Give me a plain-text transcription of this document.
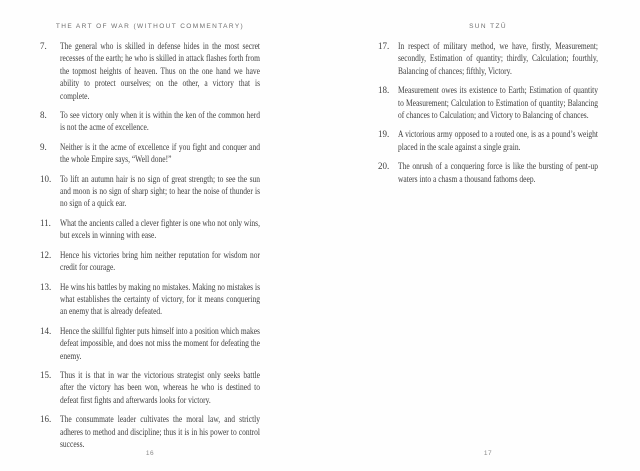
THE ART OF WAR (WITHOUT COMMENTARY)
7. The general who is skilled in defense hides in the most secret recesses of the earth; he who is skilled in attack flashes forth from the topmost heights of heaven. Thus on the one hand we have ability to protect ourselves; on the other, a victory that is complete.
8. To see victory only when it is within the ken of the common herd is not the acme of excellence.
9. Neither is it the acme of excellence if you fight and conquer and the whole Empire says, “Well done!”
10. To lift an autumn hair is no sign of great strength; to see the sun and moon is no sign of sharp sight; to hear the noise of thunder is no sign of a quick ear.
11. What the ancients called a clever fighter is one who not only wins, but excels in winning with ease.
12. Hence his victories bring him neither reputation for wisdom nor credit for courage.
13. He wins his battles by making no mistakes. Making no mistakes is what establishes the certainty of victory, for it means conquering an enemy that is already defeated.
14. Hence the skillful fighter puts himself into a position which makes defeat impossible, and does not miss the moment for defeating the enemy.
15. Thus it is that in war the victorious strategist only seeks battle after the victory has been won, whereas he who is destined to defeat first fights and afterwards looks for victory.
16. The consummate leader cultivates the moral law, and strictly adheres to method and discipline; thus it is in his power to control success.
16
SUN TZŬ
17. In respect of military method, we have, firstly, Measurement; secondly, Estimation of quantity; thirdly, Calculation; fourthly, Balancing of chances; fifthly, Victory.
18. Measurement owes its existence to Earth; Estimation of quantity to Measurement; Calculation to Estimation of quantity; Balancing of chances to Calculation; and Victory to Balancing of chances.
19. A victorious army opposed to a routed one, is as a pound’s weight placed in the scale against a single grain.
20. The onrush of a conquering force is like the bursting of pent-up waters into a chasm a thousand fathoms deep.
17
